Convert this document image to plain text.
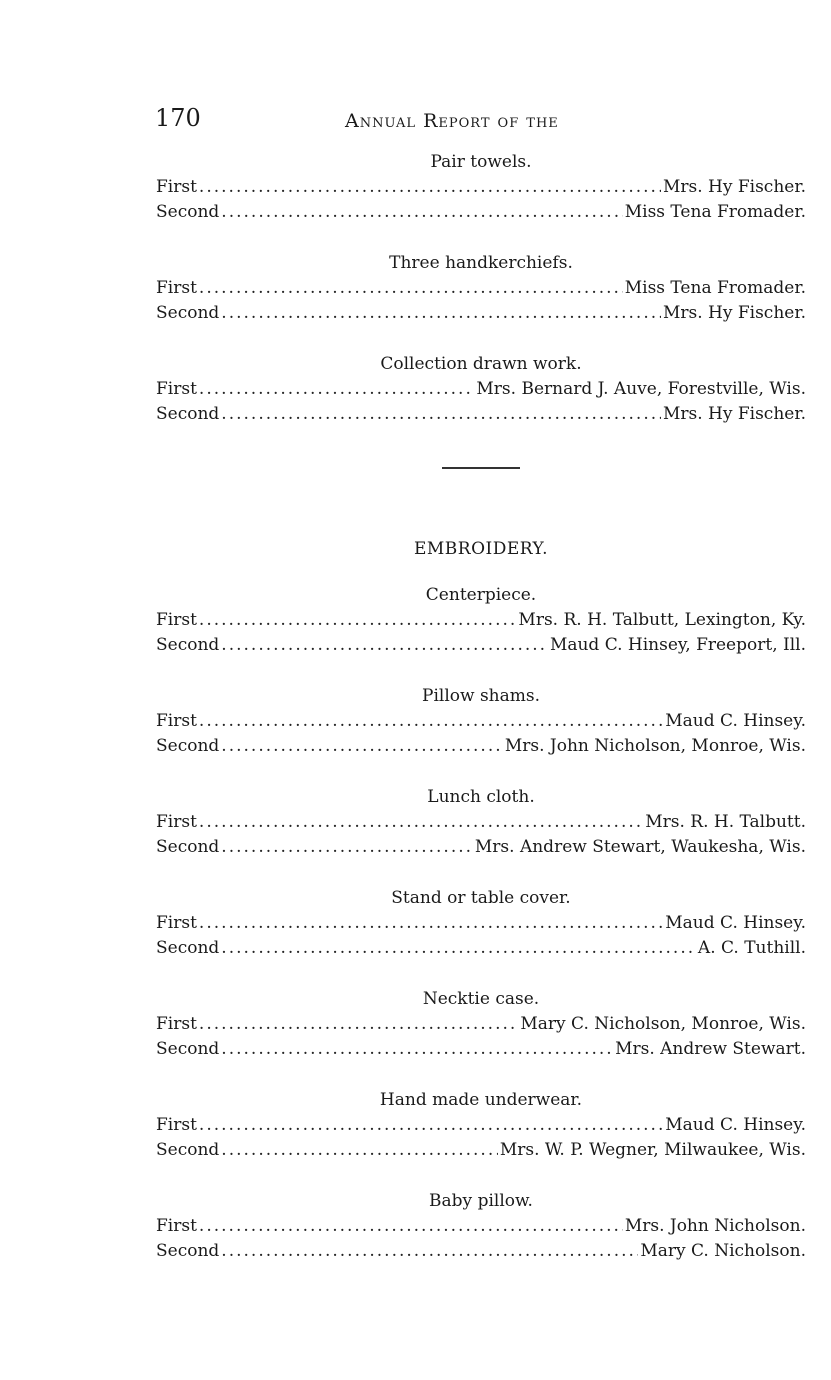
170	Annual Report of the
Pair towels.
First .....	Mrs. Hy Fischer.
Second .....	Miss Tena Fromader.
Three handkerchiefs.
First .....	Miss Tena Fromader.
Second .....	Mrs. Hy Fischer.
Collection drawn work.
First .....	Mrs. Bernard J. Auve, Forestville, Wis.
Second .....	Mrs. Hy Fischer.
EMBROIDERY.
Centerpiece.
First .....	Mrs. R. H. Talbutt, Lexington, Ky.
Second .....	Maud C. Hinsey, Freeport, Ill.
Pillow shams.
First .....	Maud C. Hinsey.
Second .....	Mrs. John Nicholson, Monroe, Wis.
Lunch cloth.
First .....	Mrs. R. H. Talbutt.
Second .....	Mrs. Andrew Stewart, Waukesha, Wis.
Stand or table cover.
First .....	Maud C. Hinsey.
Second .....	A. C. Tuthill.
Necktie case.
First .....	Mary C. Nicholson, Monroe, Wis.
Second .....	Mrs. Andrew Stewart.
Hand made underwear.
First .....	Maud C. Hinsey.
Second .....	Mrs. W. P. Wegner, Milwaukee, Wis.
Baby pillow.
First .....	Mrs. John Nicholson.
Second .....	Mary C. Nicholson.
